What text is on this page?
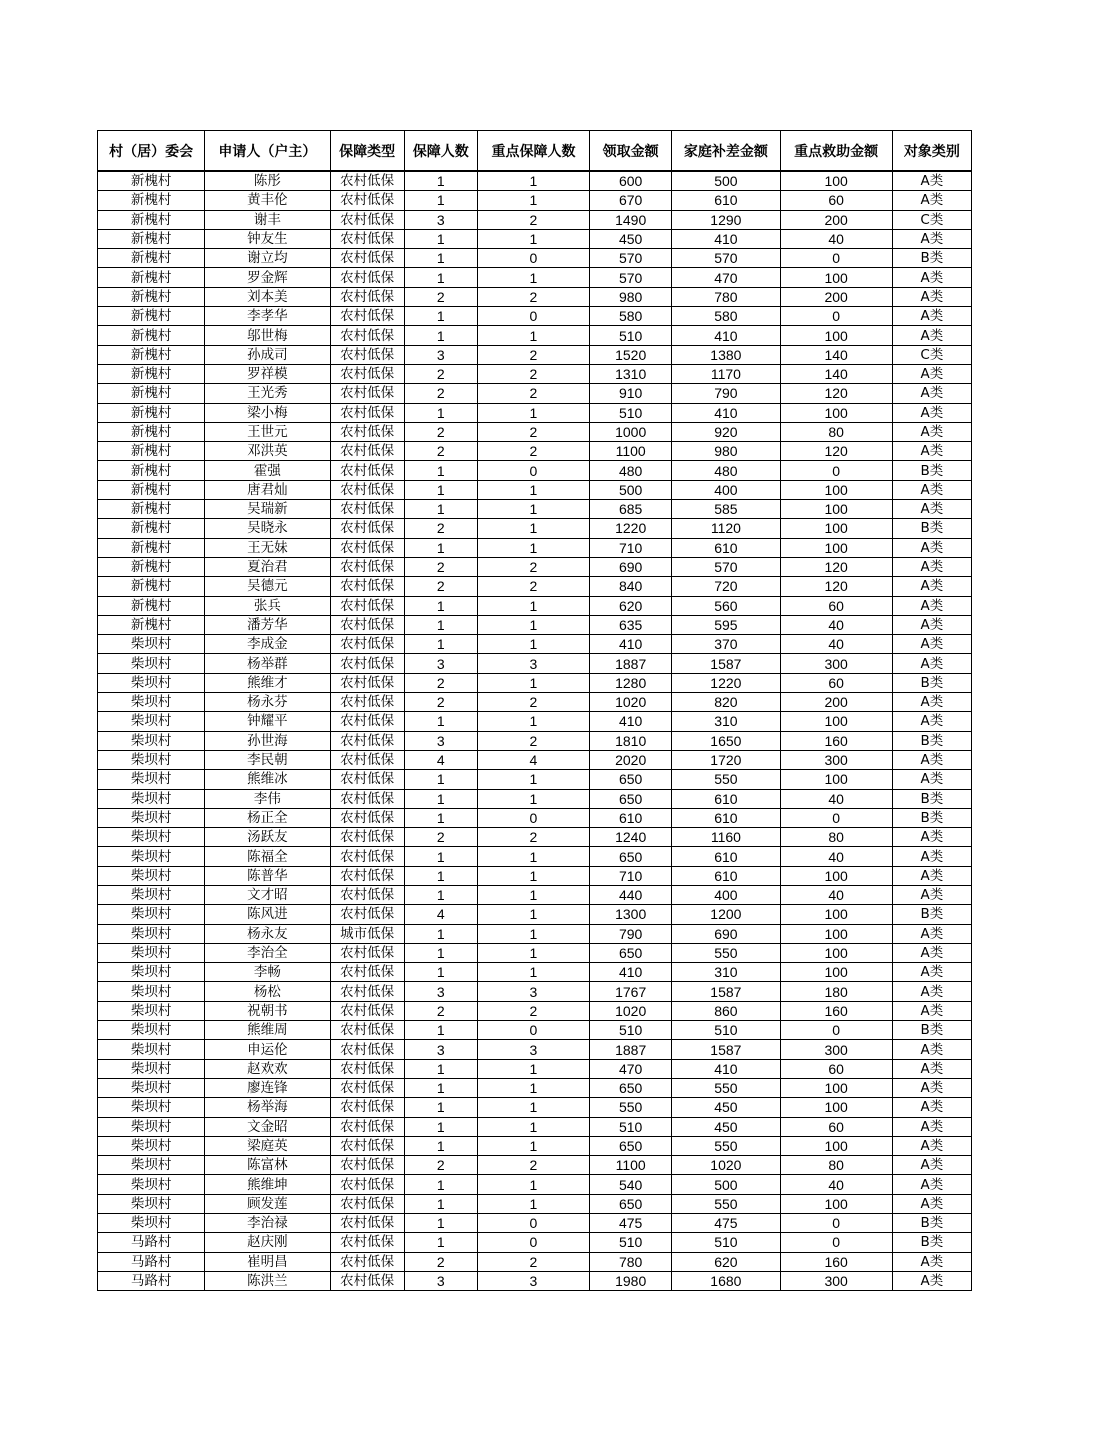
村（居）委会	申请人（户主）	保障类型	保障人数	重点保障人数	领取金额	家庭补差金额	重点救助金额	对象类别
新槐村	陈彤	农村低保	1	1	600	500	100	A类
新槐村	黄丰伦	农村低保	1	1	670	610	60	A类
新槐村	谢丰	农村低保	3	2	1490	1290	200	C类
新槐村	钟友生	农村低保	1	1	450	410	40	A类
新槐村	谢立均	农村低保	1	0	570	570	0	B类
新槐村	罗金辉	农村低保	1	1	570	470	100	A类
新槐村	刘本美	农村低保	2	2	980	780	200	A类
新槐村	李孝华	农村低保	1	0	580	580	0	A类
新槐村	邬世梅	农村低保	1	1	510	410	100	A类
新槐村	孙成司	农村低保	3	2	1520	1380	140	C类
新槐村	罗祥模	农村低保	2	2	1310	1170	140	A类
新槐村	王光秀	农村低保	2	2	910	790	120	A类
新槐村	梁小梅	农村低保	1	1	510	410	100	A类
新槐村	王世元	农村低保	2	2	1000	920	80	A类
新槐村	邓洪英	农村低保	2	2	1100	980	120	A类
新槐村	霍强	农村低保	1	0	480	480	0	B类
新槐村	唐君灿	农村低保	1	1	500	400	100	A类
新槐村	吴瑞新	农村低保	1	1	685	585	100	A类
新槐村	吴晓永	农村低保	2	1	1220	1120	100	B类
新槐村	王无妹	农村低保	1	1	710	610	100	A类
新槐村	夏治君	农村低保	2	2	690	570	120	A类
新槐村	吴德元	农村低保	2	2	840	720	120	A类
新槐村	张兵	农村低保	1	1	620	560	60	A类
新槐村	潘芳华	农村低保	1	1	635	595	40	A类
柴坝村	李成金	农村低保	1	1	410	370	40	A类
柴坝村	杨举群	农村低保	3	3	1887	1587	300	A类
柴坝村	熊维才	农村低保	2	1	1280	1220	60	B类
柴坝村	杨永芬	农村低保	2	2	1020	820	200	A类
柴坝村	钟耀平	农村低保	1	1	410	310	100	A类
柴坝村	孙世海	农村低保	3	2	1810	1650	160	B类
柴坝村	李民朝	农村低保	4	4	2020	1720	300	A类
柴坝村	熊维冰	农村低保	1	1	650	550	100	A类
柴坝村	李伟	农村低保	1	1	650	610	40	B类
柴坝村	杨正全	农村低保	1	0	610	610	0	B类
柴坝村	汤跃友	农村低保	2	2	1240	1160	80	A类
柴坝村	陈福全	农村低保	1	1	650	610	40	A类
柴坝村	陈普华	农村低保	1	1	710	610	100	A类
柴坝村	文才昭	农村低保	1	1	440	400	40	A类
柴坝村	陈风进	农村低保	4	1	1300	1200	100	B类
柴坝村	杨永友	城市低保	1	1	790	690	100	A类
柴坝村	李治全	农村低保	1	1	650	550	100	A类
柴坝村	李畅	农村低保	1	1	410	310	100	A类
柴坝村	杨松	农村低保	3	3	1767	1587	180	A类
柴坝村	祝朝书	农村低保	2	2	1020	860	160	A类
柴坝村	熊维周	农村低保	1	0	510	510	0	B类
柴坝村	申运伦	农村低保	3	3	1887	1587	300	A类
柴坝村	赵欢欢	农村低保	1	1	470	410	60	A类
柴坝村	廖连锋	农村低保	1	1	650	550	100	A类
柴坝村	杨举海	农村低保	1	1	550	450	100	A类
柴坝村	文金昭	农村低保	1	1	510	450	60	A类
柴坝村	梁庭英	农村低保	1	1	650	550	100	A类
柴坝村	陈富林	农村低保	2	2	1100	1020	80	A类
柴坝村	熊维坤	农村低保	1	1	540	500	40	A类
柴坝村	顾发莲	农村低保	1	1	650	550	100	A类
柴坝村	李治禄	农村低保	1	0	475	475	0	B类
马路村	赵庆刚	农村低保	1	0	510	510	0	B类
马路村	崔明昌	农村低保	2	2	780	620	160	A类
马路村	陈洪兰	农村低保	3	3	1980	1680	300	A类
